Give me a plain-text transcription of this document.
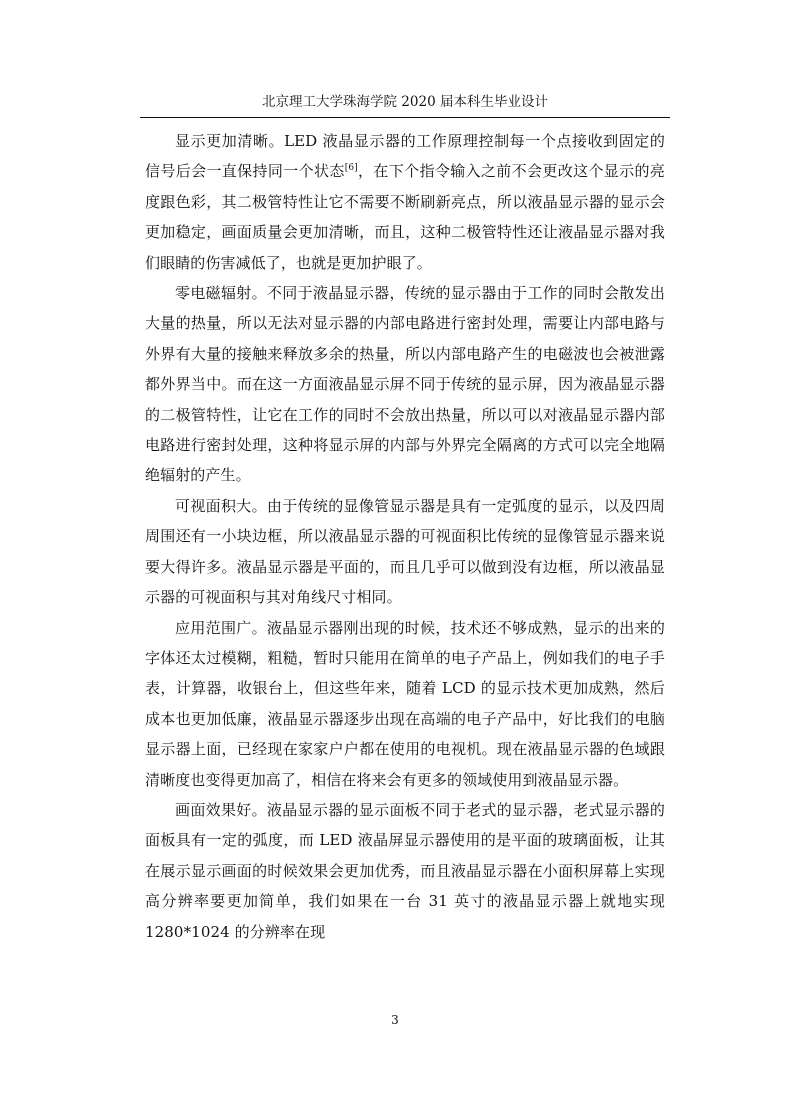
北京理工大学珠海学院 2020 届本科生毕业设计

显示更加清晰。LED 液晶显示器的工作原理控制每一个点接收到固定的信号后会一直保持同一个状态[6]，在下个指令输入之前不会更改这个显示的亮度跟色彩，其二极管特性让它不需要不断刷新亮点，所以液晶显示器的显示会更加稳定，画面质量会更加清晰，而且，这种二极管特性还让液晶显示器对我们眼睛的伤害减低了，也就是更加护眼了。

零电磁辐射。不同于液晶显示器，传统的显示器由于工作的同时会散发出大量的热量，所以无法对显示器的内部电路进行密封处理，需要让内部电路与外界有大量的接触来释放多余的热量，所以内部电路产生的电磁波也会被泄露都外界当中。而在这一方面液晶显示屏不同于传统的显示屏，因为液晶显示器的二极管特性，让它在工作的同时不会放出热量，所以可以对液晶显示器内部电路进行密封处理，这种将显示屏的内部与外界完全隔离的方式可以完全地隔绝辐射的产生。

可视面积大。由于传统的显像管显示器是具有一定弧度的显示，以及四周周围还有一小块边框，所以液晶显示器的可视面积比传统的显像管显示器来说要大得许多。液晶显示器是平面的，而且几乎可以做到没有边框，所以液晶显示器的可视面积与其对角线尺寸相同。

应用范围广。液晶显示器刚出现的时候，技术还不够成熟，显示的出来的字体还太过模糊，粗糙，暂时只能用在简单的电子产品上，例如我们的电子手表，计算器，收银台上，但这些年来，随着 LCD 的显示技术更加成熟，然后成本也更加低廉，液晶显示器逐步出现在高端的电子产品中，好比我们的电脑显示器上面，已经现在家家户户都在使用的电视机。现在液晶显示器的色域跟清晰度也变得更加高了，相信在将来会有更多的领域使用到液晶显示器。

画面效果好。液晶显示器的显示面板不同于老式的显示器，老式显示器的面板具有一定的弧度，而 LED 液晶屏显示器使用的是平面的玻璃面板，让其在展示显示画面的时候效果会更加优秀，而且液晶显示器在小面积屏幕上实现高分辨率要更加简单，我们如果在一台 31 英寸的液晶显示器上就地实现 1280*1024 的分辨率在现

3
